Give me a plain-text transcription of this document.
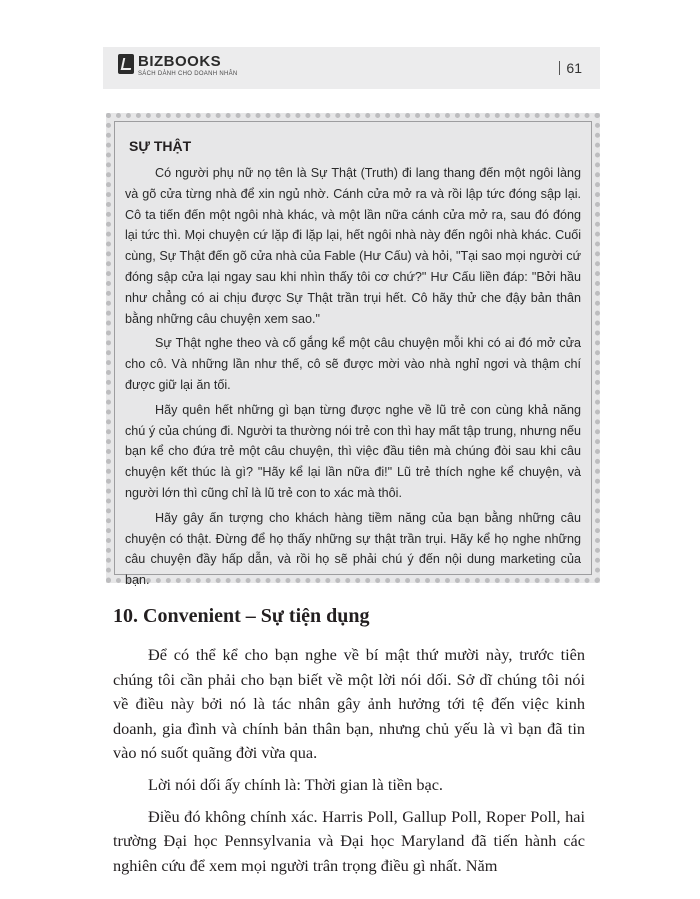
BIZBOOKS
SÁCH DÀNH CHO DOANH NHÂN	61
SỰ THẬT

Có người phụ nữ nọ tên là Sự Thật (Truth) đi lang thang đến một ngôi làng và gõ cửa từng nhà để xin ngủ nhờ. Cánh cửa mở ra và rồi lập tức đóng sập lại. Cô ta tiến đến một ngôi nhà khác, và một lần nữa cánh cửa mở ra, sau đó đóng lại tức thì. Mọi chuyện cứ lặp đi lặp lại, hết ngôi nhà này đến ngôi nhà khác. Cuối cùng, Sự Thật đến gõ cửa nhà của Fable (Hư Cấu) và hỏi, "Tại sao mọi người cứ đóng sập cửa lại ngay sau khi nhìn thấy tôi cơ chứ?" Hư Cấu liền đáp: "Bởi hầu như chẳng có ai chịu được Sự Thật trần trụi hết. Cô hãy thử che đậy bản thân bằng những câu chuyện xem sao."

Sự Thật nghe theo và cố gắng kể một câu chuyện mỗi khi có ai đó mở cửa cho cô. Và những lần như thế, cô sẽ được mời vào nhà nghỉ ngơi và thậm chí được giữ lại ăn tối.

Hãy quên hết những gì bạn từng được nghe về lũ trẻ con cùng khả năng chú ý của chúng đi. Người ta thường nói trẻ con thì hay mất tập trung, nhưng nếu bạn kể cho đứa trẻ một câu chuyện, thì việc đầu tiên mà chúng đòi sau khi câu chuyện kết thúc là gì? "Hãy kể lại lần nữa đi!" Lũ trẻ thích nghe kể chuyện, và người lớn thì cũng chỉ là lũ trẻ con to xác mà thôi.

Hãy gây ấn tượng cho khách hàng tiềm năng của bạn bằng những câu chuyện có thật. Đừng để họ thấy những sự thật trần trụi. Hãy kể họ nghe những câu chuyện đầy hấp dẫn, và rồi họ sẽ phải chú ý đến nội dung marketing của bạn.

10. Convenient – Sự tiện dụng

Để có thể kể cho bạn nghe về bí mật thứ mười này, trước tiên chúng tôi cần phải cho bạn biết về một lời nói dối. Sở dĩ chúng tôi nói về điều này bởi nó là tác nhân gây ảnh hưởng tới tệ đến việc kinh doanh, gia đình và chính bản thân bạn, nhưng chủ yếu là vì bạn đã tin vào nó suốt quãng đời vừa qua.

Lời nói dối ấy chính là: Thời gian là tiền bạc.

Điều đó không chính xác. Harris Poll, Gallup Poll, Roper Poll, hai trường Đại học Pennsylvania và Đại học Maryland đã tiến hành các nghiên cứu để xem mọi người trân trọng điều gì nhất. Năm
